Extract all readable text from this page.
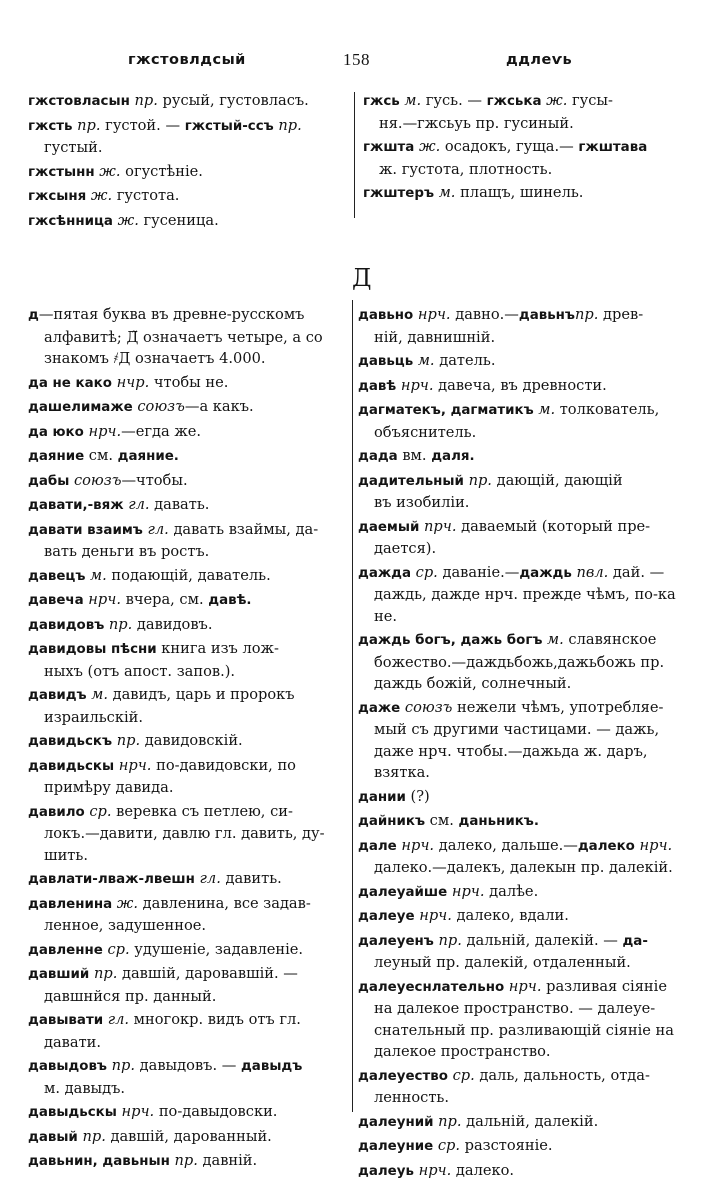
гжстовлдсый	158	ддлеѵь

гжстовласын пр. русый, густовласъ.

гжсть пр. густой. — гжстый-ссъ пр.
густый.

гжстынн ж. огустѣніе.

гжсыня ж. густота.

гжсѣнница ж. гусеница.

гжсь м. гусь. — гжська ж. гусы-
ня.—гжсьуь пр. гусиный.

гжшта ж. осадокъ, гуща.— гжштава
ж. густота, плотность.

гжштеръ м. плащъ, шинель.

Д

д—пятая буква въ древне-русскомъ
алфавитѣ; Д̃ означаетъ четыре, а со знакомъ ҂Д означаетъ 4.000.

да не како нчр. чтобы не.

дашелимаже союзъ—а какъ.

да юко нрч.—егда же.

даяние см. даяние.

дабы союзъ—чтобы.

давати,-вяж гл. давать.

давати взаимъ гл. давать взаймы, да-
вать деньги въ ростъ.

давецъ м. подающій, даватель.

давеча нрч. вчера, см. давѣ.

давидовъ пр. давидовъ.

давидовы пѣсни книга изъ лож-
ныхъ (отъ апост. запов.).

давидъ м. давидъ, царь и пророкъ
израильскій.

давидьскъ пр. давидовскій.

давидьскы нрч. по-давидовски, по
примѣру давида.

давило ср. веревка съ петлею, си-
локъ.—давити, давлю гл. давить, ду-шить.

давлати-лваж-лвешн гл. давить.

давленина ж. давленина, все задав-
ленное, задушенное.

давленне ср. удушеніе, задавленіе.

давший пр. давшій, даровавшій. —
давшнйся пр. данный.

давывати гл. многокр. видъ отъ гл.
давати.

давыдовъ пр. давыдовъ. — давыдъ
м. давыдъ.

давыдьскы нрч. по-давыдовски.

давый пр. давшій, дарованный.

давьнин, давьнын пр. давній.

давьно нрч. давно.—давьнъпр. древ-
ній, давнишній.

давьць м. датель.

давѣ нрч. давеча, въ древности.

дагматекъ, дагматикъ м. толкователь,
объяснитель.

дада вм. даля.

дадительный пр. дающій, дающій
въ изобиліи.

даемый прч. даваемый (который пре-
дается).

дажда ср. даваніе.—даждь пвл. дай. —
даждь, дажде нрч. прежде чѣмъ, по-ка не.

даждь богъ, дажь богъ м. славянское
божество.—даждьбожь,дажьбожь пр. даждь божій, солнечный.

даже союзъ нежели чѣмъ, употребляе-
мый съ другими частицами. — дажь, даже нрч. чтобы.—дажьда ж. даръ, взятка.

дании (?)

дайникъ см. даньникъ.

дале нрч. далеко, дальше.—далеко нрч.
далеко.—далекъ, далекын пр. далекій.

далеуайше нрч. далѣе.

далеуе нрч. далеко, вдали.

далеуенъ пр. дальній, далекій. — да-
леуный пр. далекій, отдаленный.

далеуеснлательно нрч. разливая сіяніе
на далекое пространство. — далеуе-снательный пр. разливающій сіяніе на далекое пространство.

далеуество ср. даль, дальность, отда-
ленность.

далеуний пр. дальній, далекій.

далеуние ср. разстояніе.

далеуь нрч. далеко.
